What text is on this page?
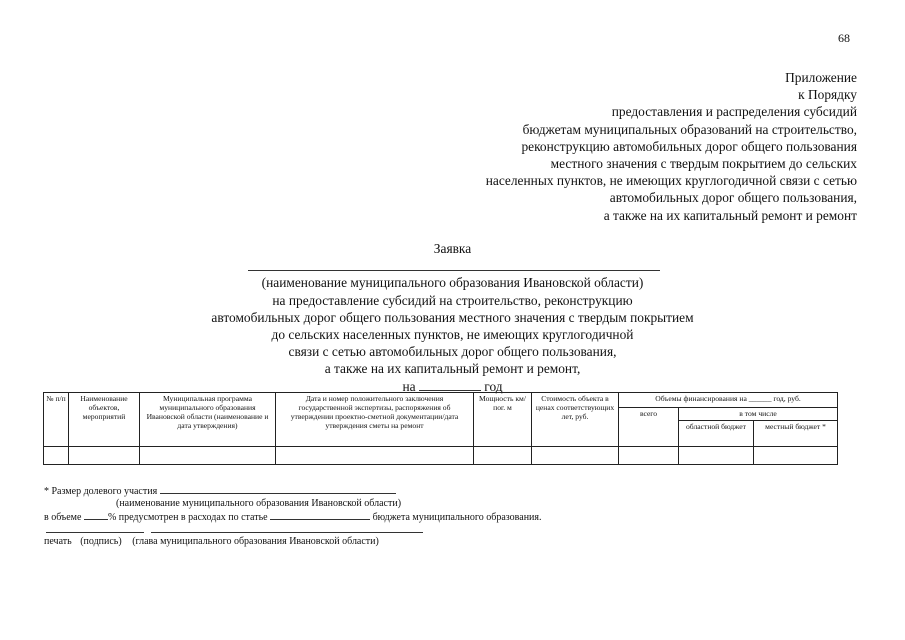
68
Приложение
к Порядку
предоставления и распределения субсидий
бюджетам муниципальных образований на строительство,
реконструкцию автомобильных дорог общего пользования
местного значения с твердым покрытием до сельских
населенных пунктов, не имеющих круглогодичной связи с сетью
автомобильных дорог общего пользования,
а также на их капитальный ремонт и ремонт
Заявка
(наименование муниципального образования Ивановской области)
на предоставление субсидий на строительство, реконструкцию
автомобильных дорог общего пользования местного значения с твердым покрытием
до сельских населенных пунктов, не имеющих круглогодичной
связи с сетью автомобильных дорог общего пользования,
а также на их капитальный ремонт и ремонт,
на	год
№ п/п	Наименование объектов, мероприятий	Муниципальная программа муниципального образования Ивановской области (наименование и дата утверждения)	Дата и номер положительного заключения государственной экспертизы, распоряжения об утверждении проектно-сметной документации/дата утверждения сметы на ремонт	Мощность км/пог. м	Стоимость объекта в ценах соответствующих лет, руб.	Объемы финансирования на ______ год, руб.		
						всего	в том числе	
							областной бюджет	местный бюджет *

* Размер долевого участия
(наименование муниципального образования Ивановской области)
в объеме	% предусмотрен в расходах по статье	бюджета муниципального образования.

печать (подпись) (глава муниципального образования Ивановской области)
